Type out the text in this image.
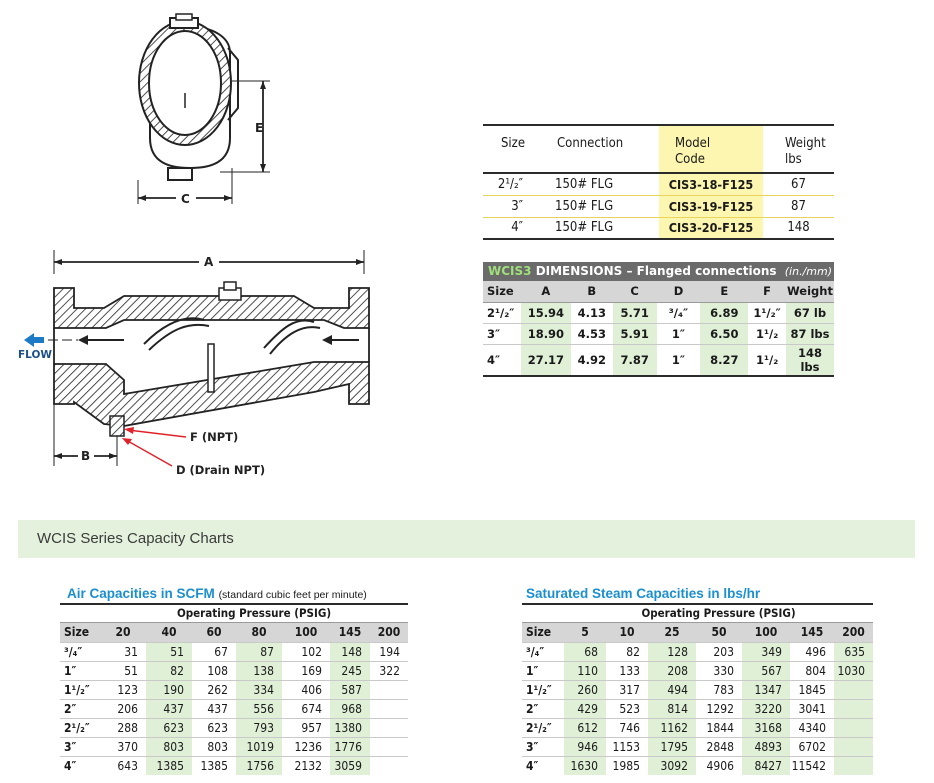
E
C
A
B
F (NPT)
D (Drain NPT)
FLOW
Size	Connection	Model
Code	Weight
lbs
2¹/₂″	150# FLG	CIS3-18-F125	67
3″	150# FLG	CIS3-19-F125	87
4″	150# FLG	CIS3-20-F125	148
WCIS3 DIMENSIONS – Flanged connections (in./mm)
Size	A	B	C	D	E	F	Weight
2¹/₂″	15.94	4.13	5.71	³/₄″	6.89	1¹/₂″	67 lb
3″	18.90	4.53	5.91	1″	6.50	1¹/₂	87 lbs
4″	27.17	4.92	7.87	1″	8.27	1¹/₂	148 lbs
WCIS Series Capacity Charts
Air Capacities in SCFM (standard cubic feet per minute)
	Operating Pressure (PSIG)						
Size	20	40	60	80	100	145	200
³/₄″	31	51	67	87	102	148	194
1″	51	82	108	138	169	245	322
1¹/₂″	123	190	262	334	406	587	
2″	206	437	437	556	674	968	
2¹/₂″	288	623	623	793	957	1380	
3″	370	803	803	1019	1236	1776	
4″	643	1385	1385	1756	2132	3059	
Saturated Steam Capacities in lbs/hr
	Operating Pressure (PSIG)						
Size	5	10	25	50	100	145	200
³/₄″	68	82	128	203	349	496	635
1″	110	133	208	330	567	804	1030
1¹/₂″	260	317	494	783	1347	1845	
2″	429	523	814	1292	3220	3041	
2¹/₂″	612	746	1162	1844	3168	4340	
3″	946	1153	1795	2848	4893	6702	
4″	1630	1985	3092	4906	8427	11542	
